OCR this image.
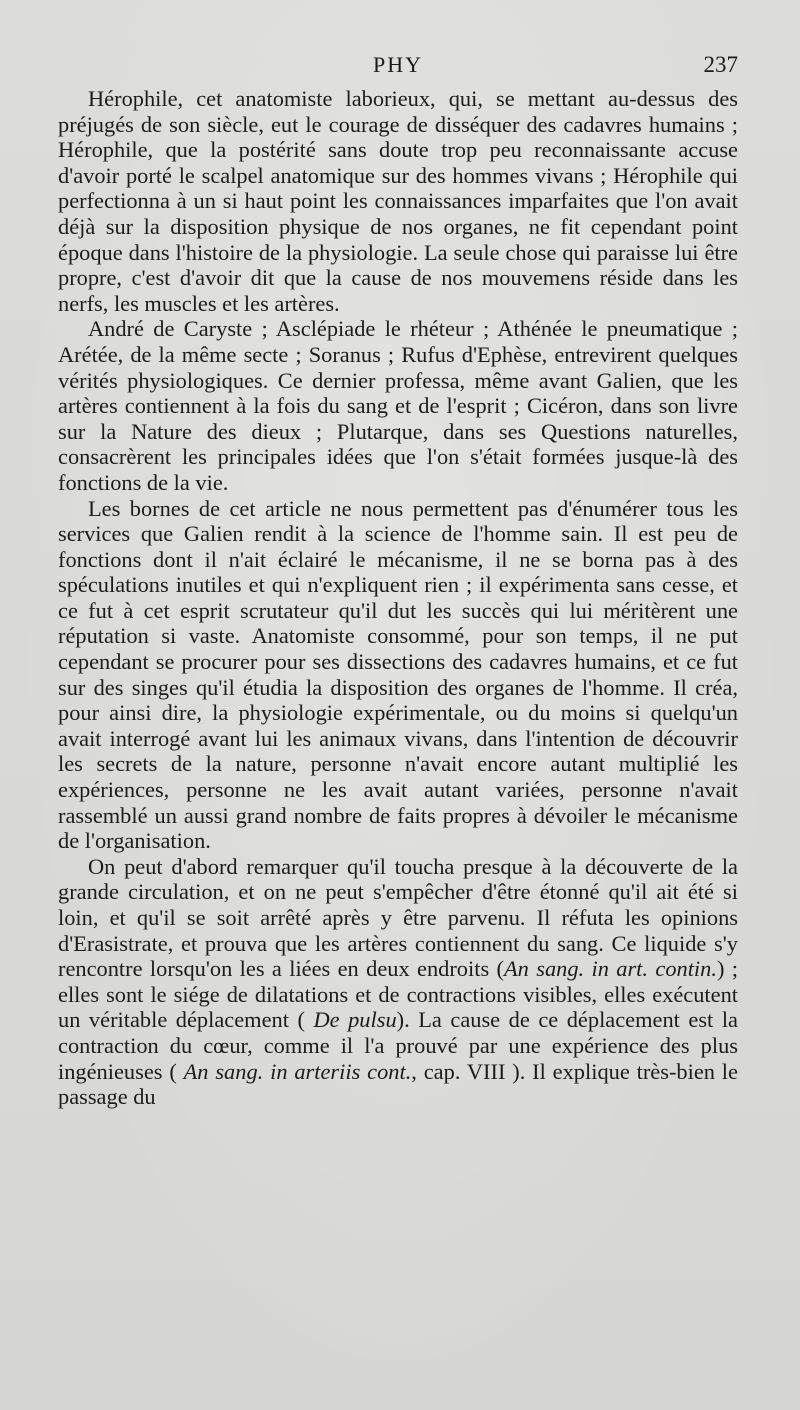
PHY	237

Hérophile, cet anatomiste laborieux, qui, se mettant au-dessus des préjugés de son siècle, eut le courage de disséquer des cadavres humains ; Hérophile, que la postérité sans doute trop peu reconnaissante accuse d'avoir porté le scalpel anatomique sur des hommes vivans ; Hérophile qui perfectionna à un si haut point les connaissances imparfaites que l'on avait déjà sur la disposition physique de nos organes, ne fit cependant point époque dans l'histoire de la physiologie. La seule chose qui paraisse lui être propre, c'est d'avoir dit que la cause de nos mouvemens réside dans les nerfs, les muscles et les artères.

André de Caryste ; Asclépiade le rhéteur ; Athénée le pneumatique ; Arétée, de la même secte ; Soranus ; Rufus d'Ephèse, entrevirent quelques vérités physiologiques. Ce dernier professa, même avant Galien, que les artères contiennent à la fois du sang et de l'esprit ; Cicéron, dans son livre sur la Nature des dieux ; Plutarque, dans ses Questions naturelles, consacrèrent les principales idées que l'on s'était formées jusque-là des fonctions de la vie.

Les bornes de cet article ne nous permettent pas d'énumérer tous les services que Galien rendit à la science de l'homme sain. Il est peu de fonctions dont il n'ait éclairé le mécanisme, il ne se borna pas à des spéculations inutiles et qui n'expliquent rien ; il expérimenta sans cesse, et ce fut à cet esprit scrutateur qu'il dut les succès qui lui méritèrent une réputation si vaste. Anatomiste consommé, pour son temps, il ne put cependant se procurer pour ses dissections des cadavres humains, et ce fut sur des singes qu'il étudia la disposition des organes de l'homme. Il créa, pour ainsi dire, la physiologie expérimentale, ou du moins si quelqu'un avait interrogé avant lui les animaux vivans, dans l'intention de découvrir les secrets de la nature, personne n'avait encore autant multiplié les expériences, personne ne les avait autant variées, personne n'avait rassemblé un aussi grand nombre de faits propres à dévoiler le mécanisme de l'organisation.

On peut d'abord remarquer qu'il toucha presque à la découverte de la grande circulation, et on ne peut s'empêcher d'être étonné qu'il ait été si loin, et qu'il se soit arrêté après y être parvenu. Il réfuta les opinions d'Erasistrate, et prouva que les artères contiennent du sang. Ce liquide s'y rencontre lorsqu'on les a liées en deux endroits (An sang. in art. contin.) ; elles sont le siége de dilatations et de contractions visibles, elles exécutent un véritable déplacement ( De pulsu). La cause de ce déplacement est la contraction du cœur, comme il l'a prouvé par une expérience des plus ingénieuses ( An sang. in arteriis cont., cap. VIII ). Il explique très-bien le passage du
